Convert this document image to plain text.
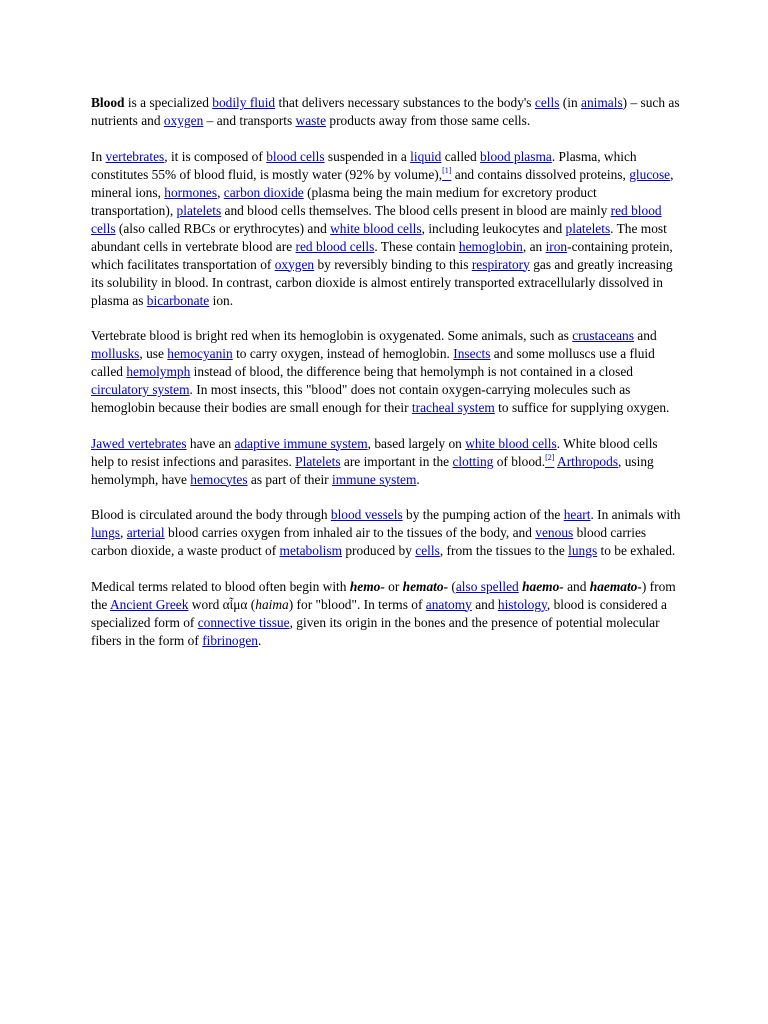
Blood is a specialized bodily fluid that delivers necessary substances to the body's cells (in animals) – such as nutrients and oxygen – and transports waste products away from those same cells.

In vertebrates, it is composed of blood cells suspended in a liquid called blood plasma. Plasma, which constitutes 55% of blood fluid, is mostly water (92% by volume),[1] and contains dissolved proteins, glucose, mineral ions, hormones, carbon dioxide (plasma being the main medium for excretory product transportation), platelets and blood cells themselves. The blood cells present in blood are mainly red blood cells (also called RBCs or erythrocytes) and white blood cells, including leukocytes and platelets. The most abundant cells in vertebrate blood are red blood cells. These contain hemoglobin, an iron-containing protein, which facilitates transportation of oxygen by reversibly binding to this respiratory gas and greatly increasing its solubility in blood. In contrast, carbon dioxide is almost entirely transported extracellularly dissolved in plasma as bicarbonate ion.

Vertebrate blood is bright red when its hemoglobin is oxygenated. Some animals, such as crustaceans and mollusks, use hemocyanin to carry oxygen, instead of hemoglobin. Insects and some molluscs use a fluid called hemolymph instead of blood, the difference being that hemolymph is not contained in a closed circulatory system. In most insects, this "blood" does not contain oxygen-carrying molecules such as hemoglobin because their bodies are small enough for their tracheal system to suffice for supplying oxygen.

Jawed vertebrates have an adaptive immune system, based largely on white blood cells. White blood cells help to resist infections and parasites. Platelets are important in the clotting of blood.[2] Arthropods, using hemolymph, have hemocytes as part of their immune system.

Blood is circulated around the body through blood vessels by the pumping action of the heart. In animals with lungs, arterial blood carries oxygen from inhaled air to the tissues of the body, and venous blood carries carbon dioxide, a waste product of metabolism produced by cells, from the tissues to the lungs to be exhaled.

Medical terms related to blood often begin with hemo- or hemato- (also spelled haemo- and haemato-) from the Ancient Greek word αἷμα (haima) for "blood". In terms of anatomy and histology, blood is considered a specialized form of connective tissue, given its origin in the bones and the presence of potential molecular fibers in the form of fibrinogen.
